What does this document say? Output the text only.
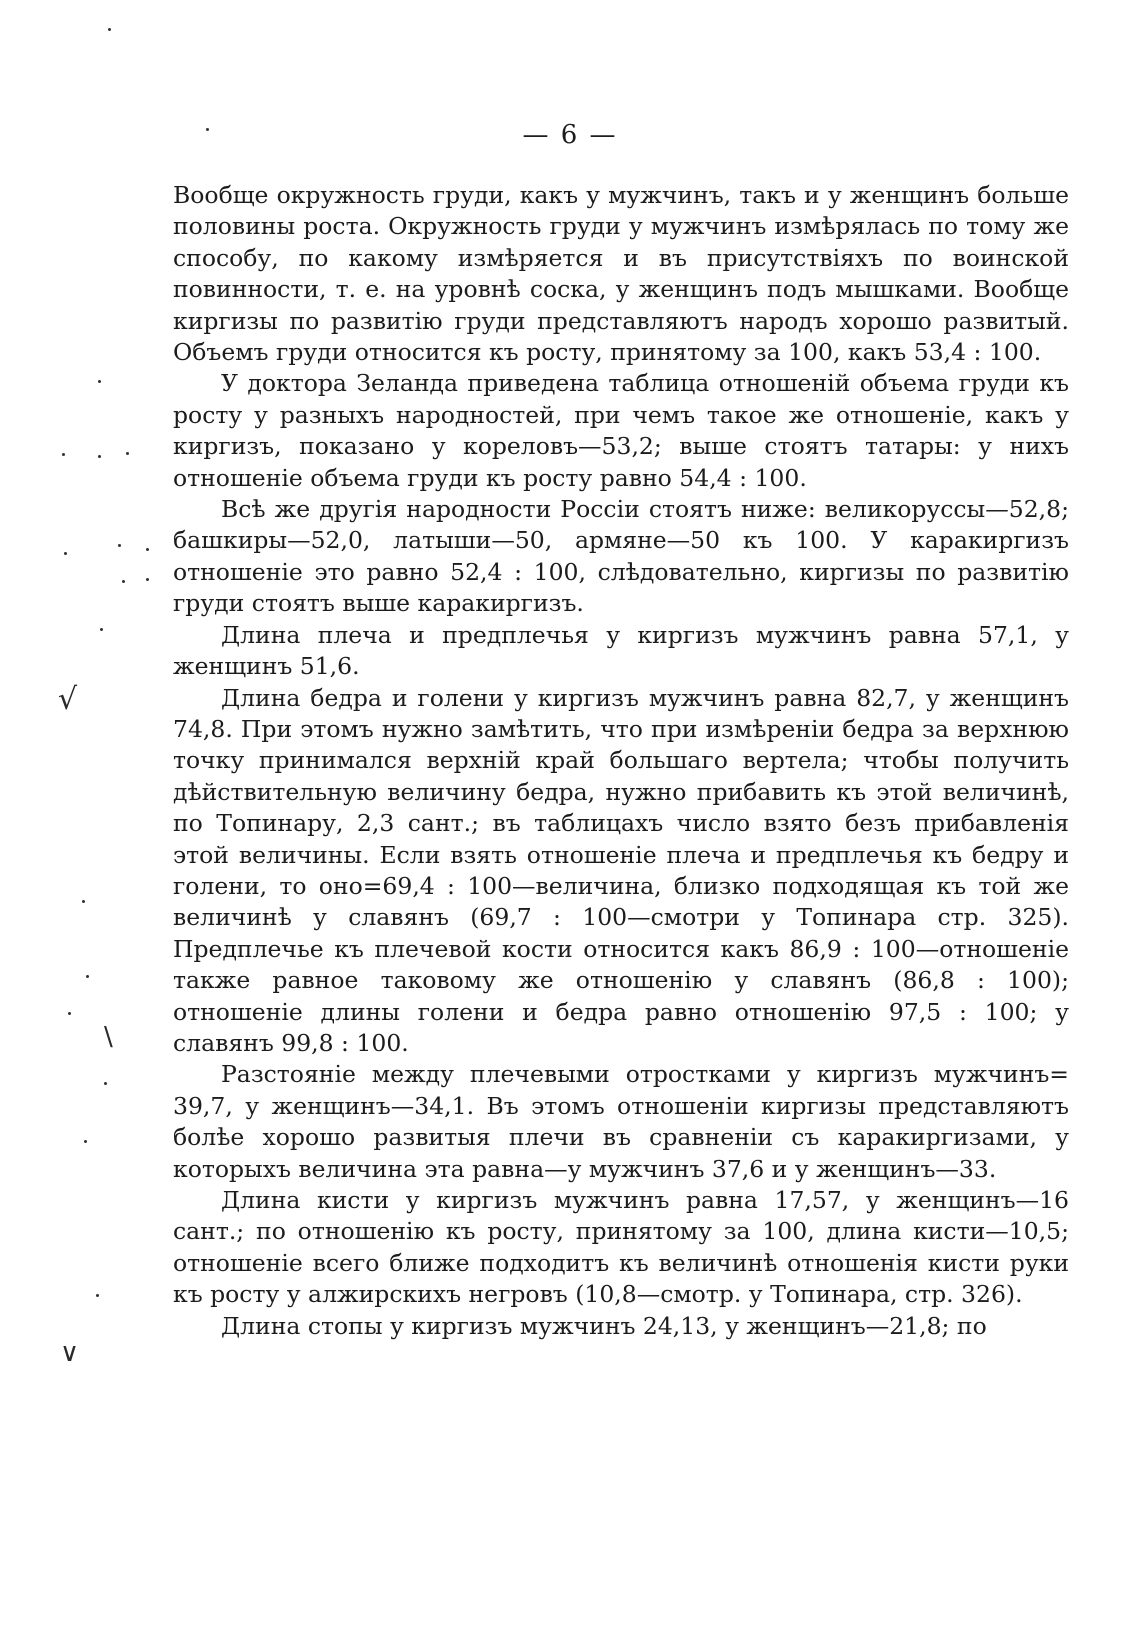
— 6 —

Вообще окружность груди, какъ у мужчинъ, такъ и у женщинъ больше половины роста. Окружность груди у мужчинъ измѣрялась по тому же способу, по какому измѣряется и въ присутствіяхъ по воинской повинности, т. е. на уровнѣ соска, у женщинъ подъ мышками. Вообще киргизы по развитію груди представляютъ народъ хорошо развитый. Объемъ груди относится къ росту, принятому за 100, какъ 53,4 : 100.

У доктора Зеланда приведена таблица отношеній объема груди къ росту у разныхъ народностей, при чемъ такое же отношеніе, какъ у киргизъ, показано у кореловъ—53,2; выше стоятъ татары: у нихъ отношеніе объема груди къ росту равно 54,4 : 100.

Всѣ же другія народности Россіи стоятъ ниже: великоруссы—52,8; башкиры—52,0, латыши—50, армяне—50 къ 100. У каракиргизъ отношеніе это равно 52,4 : 100, слѣдовательно, киргизы по развитію груди стоятъ выше каракиргизъ.

Длина плеча и предплечья у киргизъ мужчинъ равна 57,1, у женщинъ 51,6.

Длина бедра и голени у киргизъ мужчинъ равна 82,7, у женщинъ 74,8. При этомъ нужно замѣтить, что при измѣреніи бедра за верхнюю точку принимался верхній край большаго вертела; чтобы получить дѣйствительную величину бедра, нужно прибавить къ этой величинѣ, по Топинару, 2,3 сант.; въ таблицахъ число взято безъ прибавленія этой величины. Если взять отношеніе плеча и предплечья къ бедру и голени, то оно=69,4 : 100—величина, близко подходящая къ той же величинѣ у славянъ (69,7 : 100—смотри у Топинара стр. 325). Предплечье къ плечевой кости относится какъ 86,9 : 100—отношеніе также равное таковому же отношенію у славянъ (86,8 : 100); отношеніе длины голени и бедра равно отношенію 97,5 : 100; у славянъ 99,8 : 100.

Разстояніе между плечевыми отростками у киргизъ мужчинъ= 39,7, у женщинъ—34,1. Въ этомъ отношеніи киргизы представляютъ болѣе хорошо развитыя плечи въ сравненіи съ каракиргизами, у которыхъ величина эта равна—у мужчинъ 37,6 и у женщинъ—33.

Длина кисти у киргизъ мужчинъ равна 17,57, у женщинъ—16 сант.; по отношенію къ росту, принятому за 100, длина кисти—10,5; отношеніе всего ближе подходитъ къ величинѣ отношенія кисти руки къ росту у алжирскихъ негровъ (10,8—смотр. у Топинара, стр. 326).

Длина стопы у киргизъ мужчинъ 24,13, у женщинъ—21,8; по

√
\
∨
